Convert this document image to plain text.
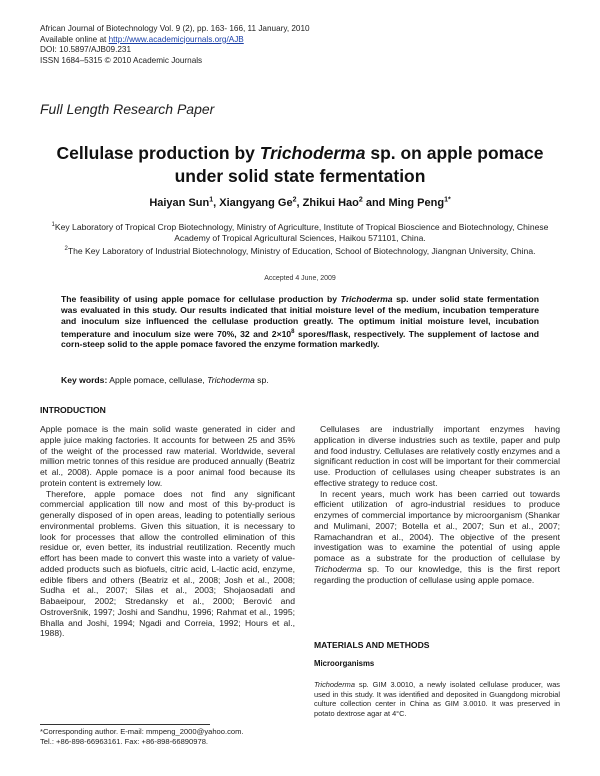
African Journal of Biotechnology Vol. 9 (2), pp. 163- 166, 11 January, 2010
Available online at http://www.academicjournals.org/AJB
DOI: 10.5897/AJB09.231
ISSN 1684–5315 © 2010 Academic Journals
Full Length Research Paper
Cellulase production by Trichoderma sp. on apple pomace under solid state fermentation
Haiyan Sun$^1$, Xiangyang Ge$^2$, Zhikui Hao$^2$ and Ming Peng$^{1*}$
$^1$Key Laboratory of Tropical Crop Biotechnology, Ministry of Agriculture, Institute of Tropical Bioscience and Biotechnology, Chinese Academy of Tropical Agricultural Sciences, Haikou 571101, China.
$^2$The Key Laboratory of Industrial Biotechnology, Ministry of Education, School of Biotechnology, Jiangnan University, China.
Accepted 4 June, 2009
The feasibility of using apple pomace for cellulase production by Trichoderma sp. under solid state fermentation was evaluated in this study. Our results indicated that initial moisture level of the medium, incubation temperature and inoculum size influenced the cellulase production greatly. The optimum initial moisture level, incubation temperature and inoculum size were 70%, 32 and $2\times 10^8$ spores/flask, respectively. The supplement of lactose and corn-steep solid to the apple pomace favored the enzyme formation markedly.
Key words: Apple pomace, cellulase, Trichoderma sp.
INTRODUCTION

Apple pomace is the main solid waste generated in cider and apple juice making factories. It accounts for between 25 and 35% of the weight of the processed raw material. Worldwide, several million metric tonnes of this residue are produced annually (Beatriz et al., 2008). Apple pomace is a poor animal food because its protein content is extremely low.

Therefore, apple pomace does not find any significant commercial application till now and most of this by-product is generally disposed of in open areas, leading to potentially serious environmental problems. Given this situation, it is necessary to look for processes that allow the controlled elimination of this residue or, even better, its industrial reutilization. Recently much effort has been made to convert this waste into a variety of value-added products such as biofuels, citric acid, L-lactic acid, enzyme, edible fibers and others (Beatriz et al., 2008; Josh et al., 2008; Sudha et al., 2007; Silas et al., 2003; Shojaosadati and Babaeipour, 2002; Stredansky et al., 2000; Berović and Ostroveršnik, 1997; Joshi and Sandhu, 1996; Rahmat et al., 1995; Bhalla and Joshi, 1994; Ngadi and Correia, 1992; Hours et al., 1988).

Cellulases are industrially important enzymes having application in diverse industries such as textile, paper and pulp and food industry. Cellulases are relatively costly enzymes and a significant reduction in cost will be important for their commercial use. Production of cellulases using cheaper substrates is an effective strategy to reduce cost.

In recent years, much work has been carried out towards efficient utilization of agro-industrial residues to produce enzymes of commercial importance by microorganism (Shankar and Mulimani, 2007; Botella et al., 2007; Sun et al., 2007; Ramachandran et al., 2004). The objective of the present investigation was to examine the potential of using apple pomace as a substrate for the production of cellulase by Trichoderma sp. To our knowledge, this is the first report regarding the production of cellulase using apple pomace.

MATERIALS AND METHODS
Microorganisms
Trichoderma sp. GIM 3.0010, a newly isolated cellulase producer, was used in this study. It was identified and deposited in Guangdong microbial culture collection center in China as GIM 3.0010. It was preserved in potato dextrose agar at 4°C.
*Corresponding author. E-mail: mmpeng_2000@yahoo.com.
Tel.: +86-898-66963161. Fax: +86-898-66890978.
